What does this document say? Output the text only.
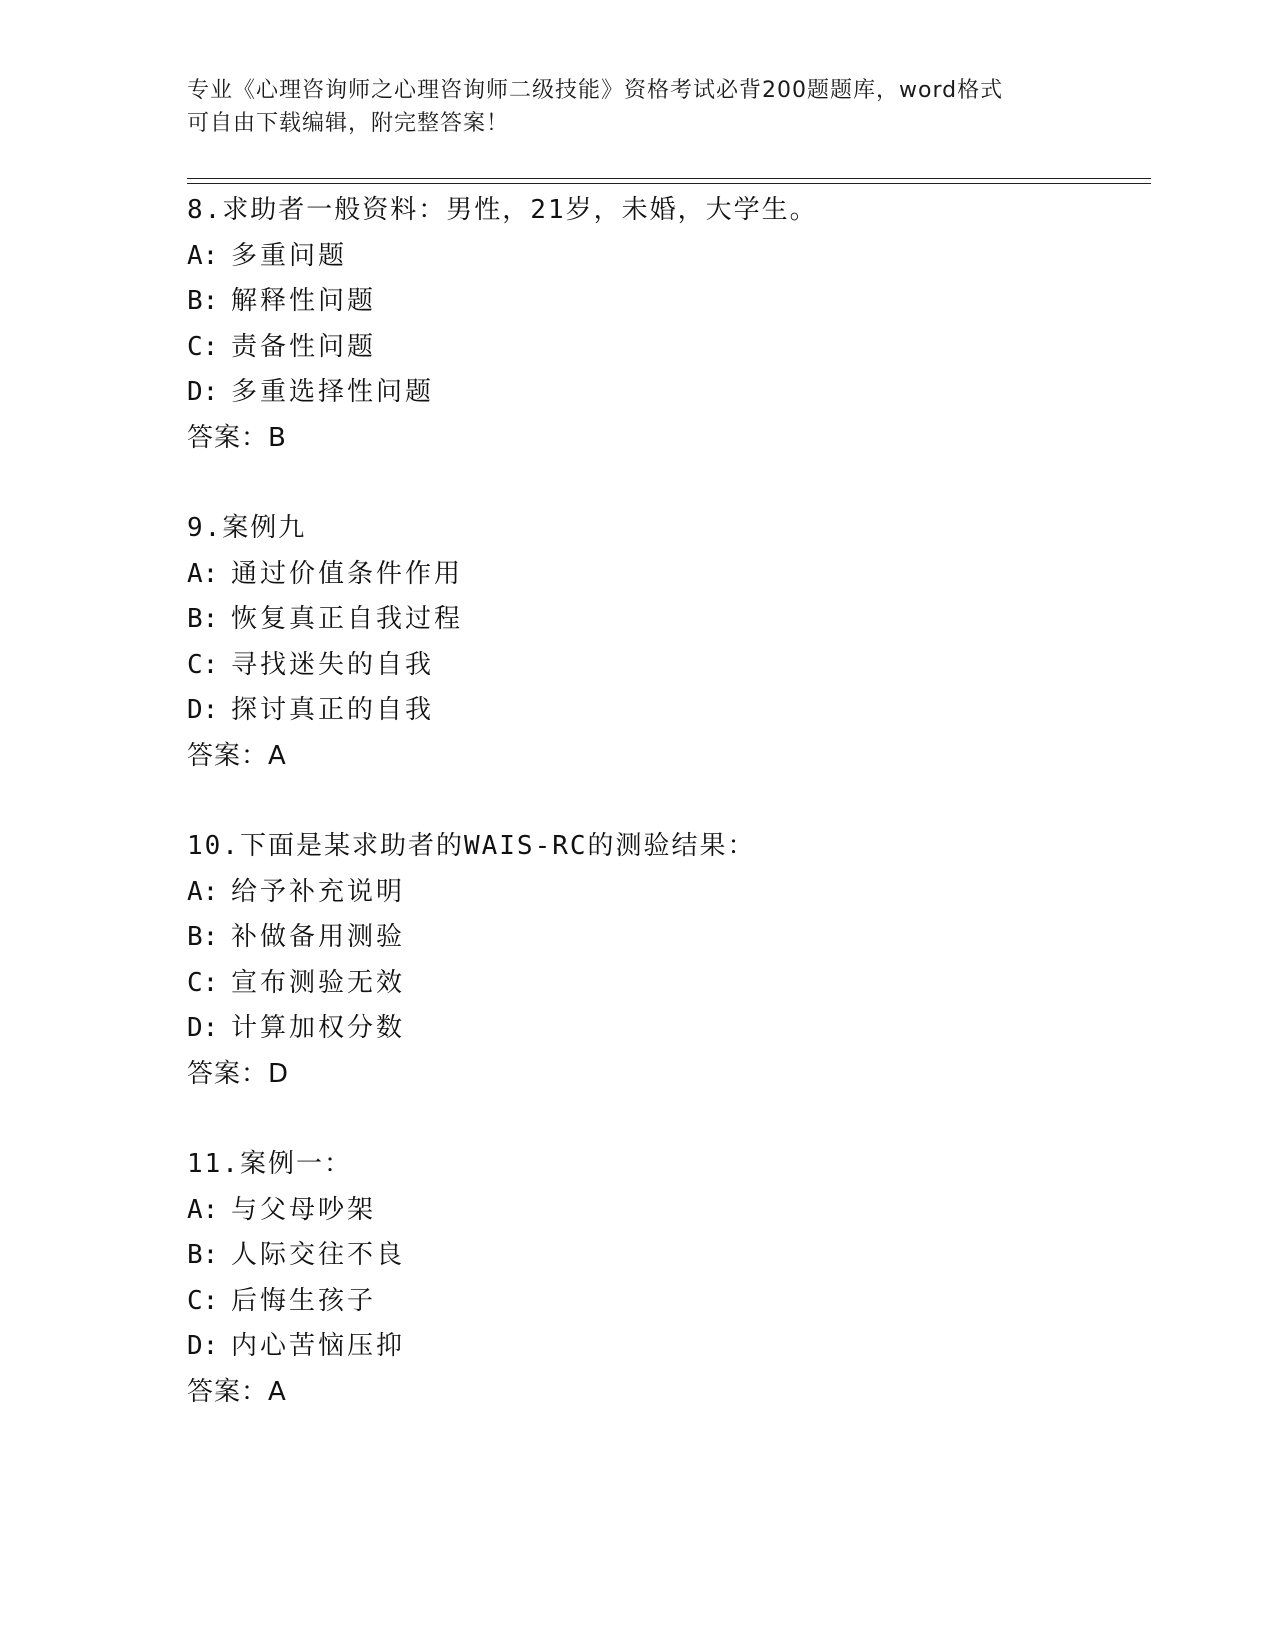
专业《心理咨询师之心理咨询师二级技能》资格考试必背200题题库，word格式
可自由下载编辑，附完整答案！
8.求助者一般资料：男性，21岁，未婚，大学生。
A: 多重问题
B: 解释性问题
C: 责备性问题
D: 多重选择性问题
答案：B
9.案例九
A: 通过价值条件作用
B: 恢复真正自我过程
C: 寻找迷失的自我
D: 探讨真正的自我
答案：A
10.下面是某求助者的WAIS-RC的测验结果：
A: 给予补充说明
B: 补做备用测验
C: 宣布测验无效
D: 计算加权分数
答案：D
11.案例一：
A: 与父母吵架
B: 人际交往不良
C: 后悔生孩子
D: 内心苦恼压抑
答案：A
